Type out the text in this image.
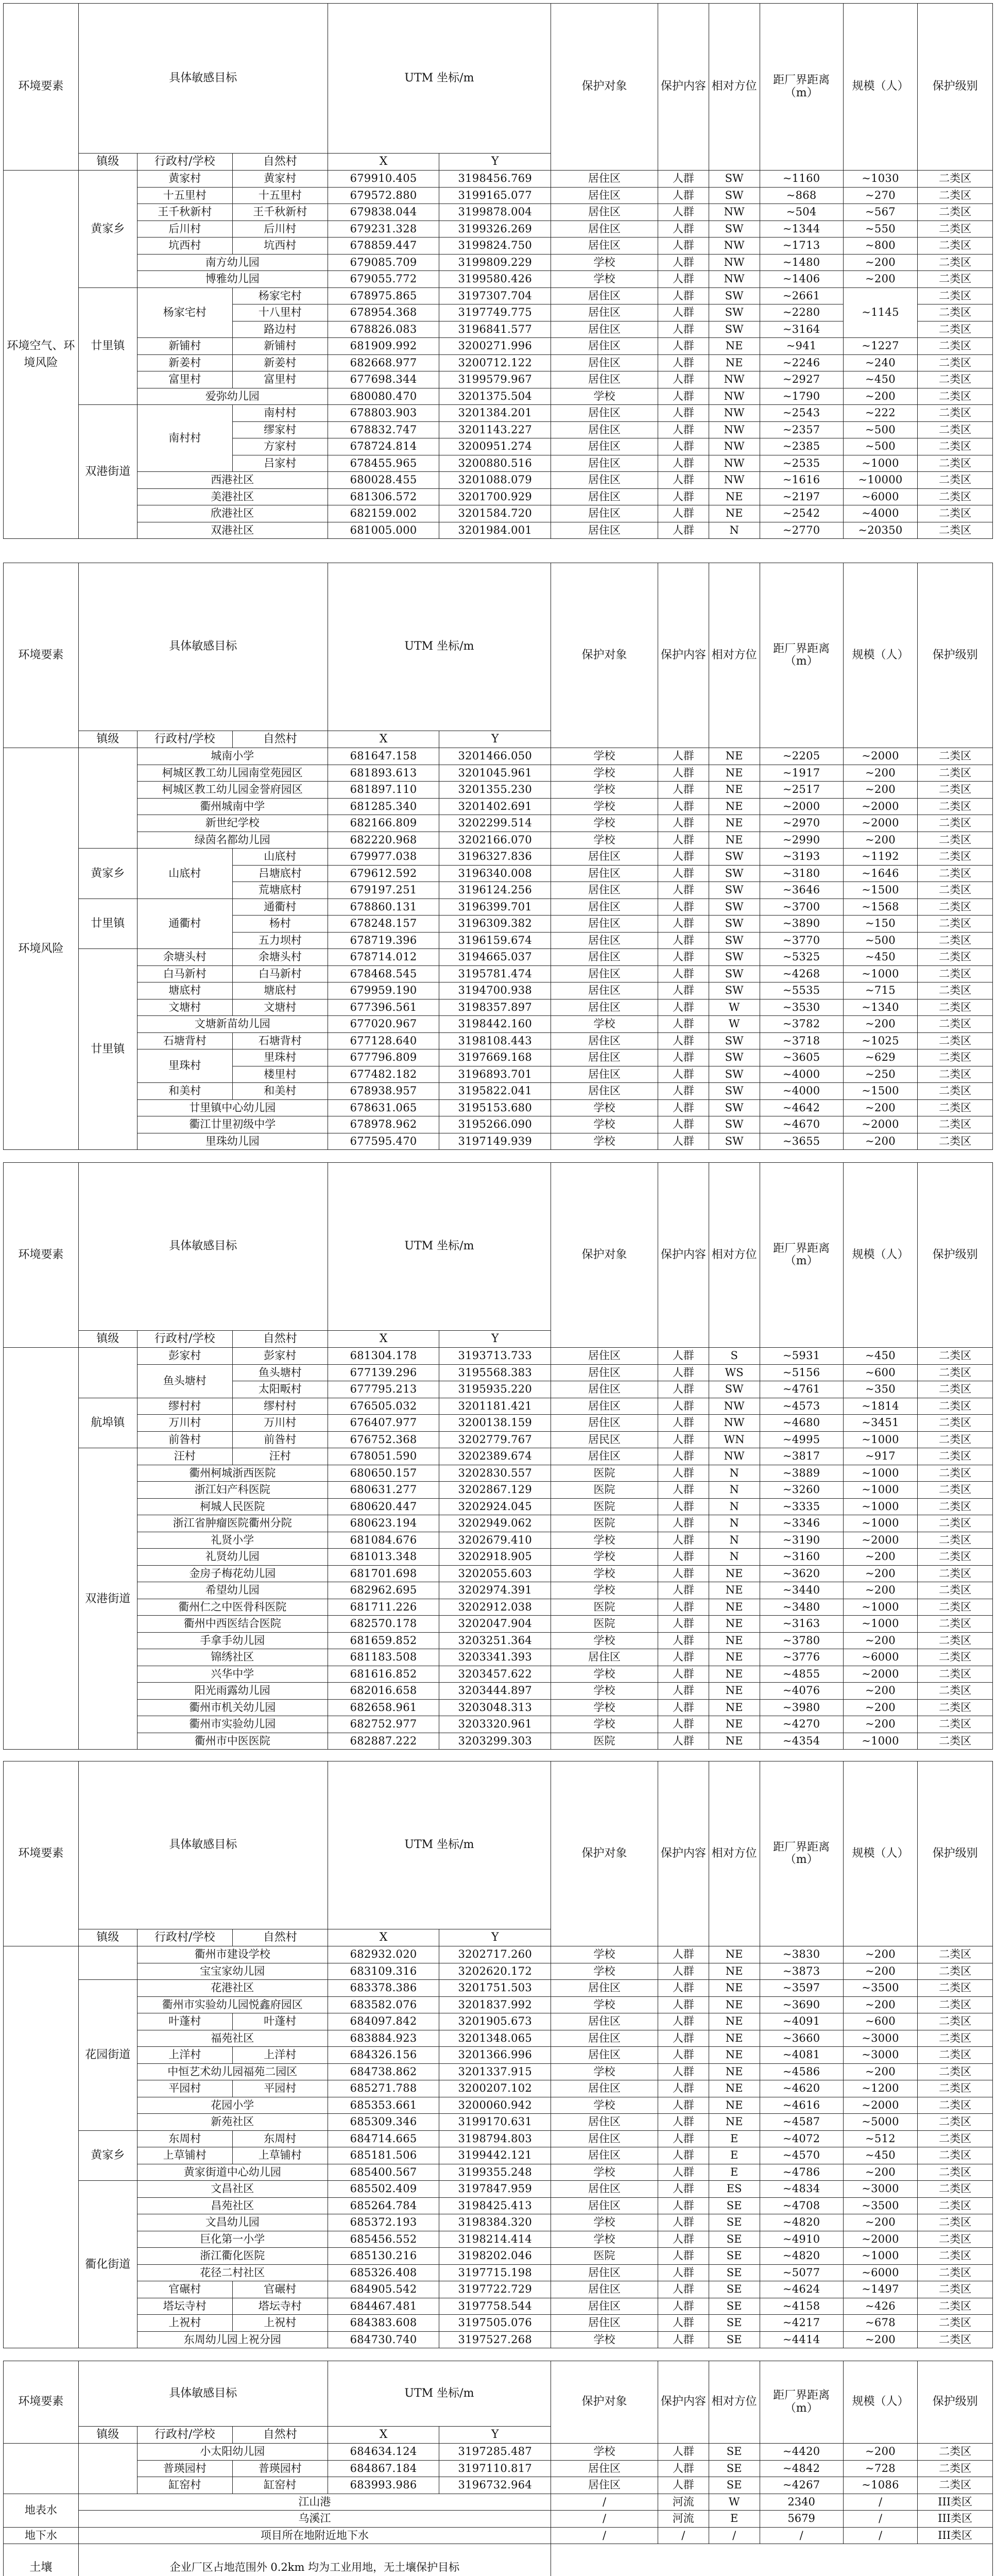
环境要素	具体敏感目标			UTM 坐标/m		保护对象	保护内容	相对方位	距厂界距离（m）	规模（人）	保护级别
	镇级	行政村/学校	自然村	X	Y						
环境空气、环境风险	黄家乡	黄家村	黄家村	679910.405	3198456.769	居住区	人群	SW	~1160	~1030	二类区
		十五里村	十五里村	679572.880	3199165.077	居住区	人群	SW	~868	~270	二类区
		王千秋新村	王千秋新村	679838.044	3199878.004	居住区	人群	NW	~504	~567	二类区
		后川村	后川村	679231.328	3199326.269	居住区	人群	SW	~1344	~550	二类区
		坑西村	坑西村	678859.447	3199824.750	居住区	人群	NW	~1713	~800	二类区
		南方幼儿园		679085.709	3199809.229	学校	人群	NW	~1480	~200	二类区
		博雅幼儿园		679055.772	3199580.426	学校	人群	NW	~1406	~200	二类区
	廿里镇	杨家宅村	杨家宅村	678975.865	3197307.704	居住区	人群	SW	~2661	~1145	二类区
			十八里村	678954.368	3197749.775	居住区	人群	SW	~2280		二类区
			路边村	678826.083	3196841.577	居住区	人群	SW	~3164		二类区
		新铺村	新铺村	681909.992	3200271.996	居住区	人群	NE	~941	~1227	二类区
		新姜村	新姜村	682668.977	3200712.122	居住区	人群	NE	~2246	~240	二类区
		富里村	富里村	677698.344	3199579.967	居住区	人群	NW	~2927	~450	二类区
		爱弥幼儿园		680080.470	3201375.504	学校	人群	NW	~1790	~200	二类区
	双港街道	南村村	南村村	678803.903	3201384.201	居住区	人群	NW	~2543	~222	二类区
			缪家村	678832.747	3201143.227	居住区	人群	NW	~2357	~500	二类区
			方家村	678724.814	3200951.274	居住区	人群	NW	~2385	~500	二类区
			吕家村	678455.965	3200880.516	居住区	人群	NW	~2535	~1000	二类区
		西港社区		680028.455	3201088.079	居住区	人群	NW	~1616	~10000	二类区
		美港社区		681306.572	3201700.929	居住区	人群	NE	~2197	~6000	二类区
		欣港社区		682159.002	3201584.720	居住区	人群	NE	~2542	~4000	二类区
		双港社区		681005.000	3201984.001	居住区	人群	N	~2770	~20350	二类区
环境要素	具体敏感目标			UTM 坐标/m		保护对象	保护内容	相对方位	距厂界距离（m）	规模（人）	保护级别
	镇级	行政村/学校	自然村	X	Y						
环境风险		城南小学		681647.158	3201466.050	学校	人群	NE	~2205	~2000	二类区
		柯城区教工幼儿园南堂苑园区		681893.613	3201045.961	学校	人群	NE	~1917	~200	二类区
		柯城区教工幼儿园金誉府园区		681897.110	3201355.230	学校	人群	NE	~2517	~200	二类区
		衢州城南中学		681285.340	3201402.691	学校	人群	NE	~2000	~2000	二类区
		新世纪学校		682166.809	3202299.514	学校	人群	NE	~2970	~2000	二类区
		绿茵名都幼儿园		682220.968	3202166.070	学校	人群	NE	~2990	~200	二类区
	黄家乡	山底村	山底村	679977.038	3196327.836	居住区	人群	SW	~3193	~1192	二类区
			吕塘底村	679612.592	3196340.008	居住区	人群	SW	~3180	~1646	二类区
			荒塘底村	679197.251	3196124.256	居住区	人群	SW	~3646	~1500	二类区
	廿里镇	通衢村	通衢村	678860.131	3196399.701	居住区	人群	SW	~3700	~1568	二类区
			杨村	678248.157	3196309.382	居住区	人群	SW	~3890	~150	二类区
			五力坝村	678719.396	3196159.674	居住区	人群	SW	~3770	~500	二类区
	廿里镇	余塘头村	余塘头村	678714.012	3194665.037	居住区	人群	SW	~5325	~450	二类区
		白马新村	白马新村	678468.545	3195781.474	居住区	人群	SW	~4268	~1000	二类区
		塘底村	塘底村	679959.190	3194700.938	居住区	人群	SW	~5535	~715	二类区
		文塘村	文塘村	677396.561	3198357.897	居住区	人群	W	~3530	~1340	二类区
		文塘新苗幼儿园		677020.967	3198442.160	学校	人群	W	~3782	~200	二类区
		石塘背村	石塘背村	677128.640	3198108.443	居住区	人群	SW	~3718	~1025	二类区
		里珠村	里珠村	677796.809	3197669.168	居住区	人群	SW	~3605	~629	二类区
			楼里村	677482.182	3196893.701	居住区	人群	SW	~4000	~250	二类区
		和美村	和美村	678938.957	3195822.041	居住区	人群	SW	~4000	~1500	二类区
		廿里镇中心幼儿园		678631.065	3195153.680	学校	人群	SW	~4642	~200	二类区
		衢江廿里初级中学		678978.962	3195266.090	学校	人群	SW	~4670	~2000	二类区
		里珠幼儿园		677595.470	3197149.939	学校	人群	SW	~3655	~200	二类区
环境要素	具体敏感目标			UTM 坐标/m		保护对象	保护内容	相对方位	距厂界距离（m）	规模（人）	保护级别
	镇级	行政村/学校	自然村	X	Y						
		彭家村	彭家村	681304.178	3193713.733	居住区	人群	S	~5931	~450	二类区
		鱼头塘村	鱼头塘村	677139.296	3195568.383	居住区	人群	WS	~5156	~600	二类区
			太阳畈村	677795.213	3195935.220	居住区	人群	SW	~4761	~350	二类区
	航埠镇	缪村村	缪村村	676505.032	3201181.421	居住区	人群	NW	~4573	~1814	二类区
		万川村	万川村	676407.977	3200138.159	居住区	人群	NW	~4680	~3451	二类区
		前昝村	前昝村	676752.368	3202779.767	居民区	人群	WN	~4995	~1000	二类区
	双港街道	汪村	汪村	678051.590	3202389.674	居住区	人群	NW	~3817	~917	二类区
		衢州柯城浙西医院		680650.157	3202830.557	医院	人群	N	~3889	~1000	二类区
		浙江妇产科医院		680631.277	3202867.129	医院	人群	N	~3260	~1000	二类区
		柯城人民医院		680620.447	3202924.045	医院	人群	N	~3335	~1000	二类区
		浙江省肿瘤医院衢州分院		680623.194	3202949.062	医院	人群	N	~3346	~1000	二类区
		礼贤小学		681084.676	3202679.410	学校	人群	N	~3190	~2000	二类区
		礼贤幼儿园		681013.348	3202918.905	学校	人群	N	~3160	~200	二类区
		金房子梅花幼儿园		681701.698	3202055.603	学校	人群	NE	~3620	~200	二类区
		希望幼儿园		682962.695	3202974.391	学校	人群	NE	~3440	~200	二类区
		衢州仁之中医骨科医院		681711.226	3202912.038	医院	人群	NE	~3480	~1000	二类区
		衢州中西医结合医院		682570.178	3202047.904	医院	人群	NE	~3163	~1000	二类区
		手拿手幼儿园		681659.852	3203251.364	学校	人群	NE	~3780	~200	二类区
		锦绣社区		681183.508	3203341.393	居住区	人群	NE	~3776	~6000	二类区
		兴华中学		681616.852	3203457.622	学校	人群	NE	~4855	~2000	二类区
		阳光雨露幼儿园		682016.658	3203444.897	学校	人群	NE	~4076	~200	二类区
		衢州市机关幼儿园		682658.961	3203048.313	学校	人群	NE	~3980	~200	二类区
		衢州市实验幼儿园		682752.977	3203320.961	学校	人群	NE	~4270	~200	二类区
		衢州市中医医院		682887.222	3203299.303	医院	人群	NE	~4354	~1000	二类区
环境要素	具体敏感目标			UTM 坐标/m		保护对象	保护内容	相对方位	距厂界距离（m）	规模（人）	保护级别
	镇级	行政村/学校	自然村	X	Y						
		衢州市建设学校		682932.020	3202717.260	学校	人群	NE	~3830	~200	二类区
		宝宝家幼儿园		683109.316	3202620.172	学校	人群	NE	~3873	~200	二类区
	花园街道	花港社区		683378.386	3201751.503	居住区	人群	NE	~3597	~3500	二类区
		衢州市实验幼儿园悦鑫府园区		683582.076	3201837.992	学校	人群	NE	~3690	~200	二类区
		叶蓬村	叶蓬村	684097.842	3201905.673	居住区	人群	NE	~4091	~600	二类区
		福苑社区		683884.923	3201348.065	居住区	人群	NE	~3660	~3000	二类区
		上洋村	上洋村	684326.156	3201366.996	居住区	人群	NE	~4081	~3000	二类区
		中恒艺术幼儿园福苑二园区		684738.862	3201337.915	学校	人群	NE	~4586	~200	二类区
		平园村	平园村	685271.788	3200207.102	居住区	人群	NE	~4620	~1200	二类区
		花园小学		685353.661	3200060.942	学校	人群	NE	~4616	~2000	二类区
		新苑社区		685309.346	3199170.631	居住区	人群	NE	~4587	~5000	二类区
	黄家乡	东周村	东周村	684714.665	3198794.803	居住区	人群	E	~4072	~512	二类区
		上草铺村	上草铺村	685181.506	3199442.121	居住区	人群	E	~4570	~450	二类区
		黄家街道中心幼儿园		685400.567	3199355.248	学校	人群	E	~4786	~200	二类区
	衢化街道	文昌社区		685502.409	3197847.959	居住区	人群	ES	~4834	~3000	二类区
		昌苑社区		685264.784	3198425.413	居住区	人群	SE	~4708	~3500	二类区
		文昌幼儿园		685372.193	3198384.320	学校	人群	SE	~4820	~200	二类区
		巨化第一小学		685456.552	3198214.414	学校	人群	SE	~4910	~2000	二类区
		浙江衢化医院		685130.216	3198202.046	医院	人群	SE	~4820	~1000	二类区
		花径二村社区		685326.408	3197715.198	居住区	人群	SE	~5077	~6000	二类区
		官碾村	官碾村	684905.542	3197722.729	居住区	人群	SE	~4624	~1497	二类区
		塔坛寺村	塔坛寺村	684467.481	3197758.544	居住区	人群	SE	~4158	~426	二类区
		上祝村	上祝村	684383.608	3197505.076	居住区	人群	SE	~4217	~678	二类区
		东周幼儿园上祝分园		684730.740	3197527.268	学校	人群	SE	~4414	~200	二类区
环境要素	具体敏感目标			UTM 坐标/m		保护对象	保护内容	相对方位	距厂界距离（m）	规模（人）	保护级别
	镇级	行政村/学校	自然村	X	Y						
		小太阳幼儿园		684634.124	3197285.487	学校	人群	SE	~4420	~200	二类区
		普瑛园村	普瑛园村	684867.184	3197110.817	居住区	人群	SE	~4842	~728	二类区
		缸窑村	缸窑村	683993.986	3196732.964	居住区	人群	SE	~4267	~1086	二类区
地表水	江山港					/	河流	W	2340	/	III类区
	乌溪江					/	河流	E	5679	/	III类区
地下水	项目所在地附近地下水					/	/	/	/	/	III类区
土壤	企业厂区占地范围外 0.2km 均为工业用地，无土壤保护目标										
